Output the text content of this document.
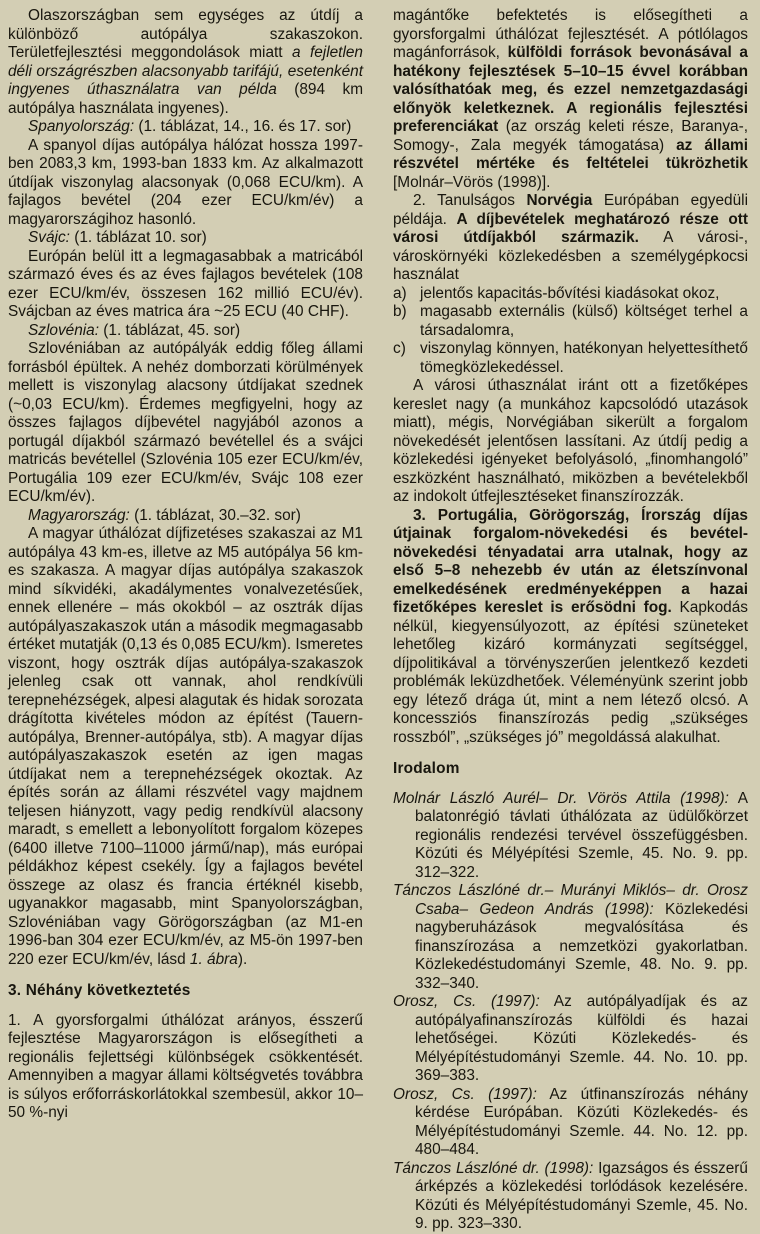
Olaszországban sem egységes az útdíj a különböző autópálya szakaszokon. Területfejlesztési meggondolások miatt a fejletlen déli országrészben alacsonyabb tarifájú, esetenként ingyenes úthasználatra van példa (894 km autópálya használata ingyenes).

Spanyolország: (1. táblázat, 14., 16. és 17. sor)

A spanyol díjas autópálya hálózat hossza 1997-ben 2083,3 km, 1993-ban 1833 km. Az alkalmazott útdíjak viszonylag alacsonyak (0,068 ECU/km). A fajlagos bevétel (204 ezer ECU/km/év) a magyarországihoz hasonló.

Svájc: (1. táblázat 10. sor)

Európán belül itt a legmagasabbak a matricából származó éves és az éves fajlagos bevételek (108 ezer ECU/km/év, összesen 162 millió ECU/év). Svájcban az éves matrica ára ~25 ECU (40 CHF).

Szlovénia: (1. táblázat, 45. sor)

Szlovéniában az autópályák eddig főleg állami forrásból épültek. A nehéz domborzati körülmények mellett is viszonylag alacsony útdíjakat szednek (~0,03 ECU/km). Érdemes megfigyelni, hogy az összes fajlagos díjbevétel nagyjából azonos a portugál díjakból származó bevétellel és a svájci matricás bevétellel (Szlovénia 105 ezer ECU/km/év, Portugália 109 ezer ECU/km/év, Svájc 108 ezer ECU/km/év).

Magyarország: (1. táblázat, 30.–32. sor)

A magyar úthálózat díjfizetéses szakaszai az M1 autópálya 43 km-es, illetve az M5 autópálya 56 km-es szakasza. A magyar díjas autópálya szakaszok mind síkvidéki, akadálymentes vonalvezetésűek, ennek ellenére – más okokból – az osztrák díjas autópályaszakaszok után a második megmagasabb értéket mutatják (0,13 és 0,085 ECU/km). Ismeretes viszont, hogy osztrák díjas autópálya-szakaszok jelenleg csak ott vannak, ahol rendkívüli terepnehézségek, alpesi alagutak és hidak sorozata drágította kivételes módon az építést (Tauern-autópálya, Brenner-autópálya, stb). A magyar díjas autópályaszakaszok esetén az igen magas útdíjakat nem a terepnehézségek okoztak. Az építés során az állami részvétel vagy majdnem teljesen hiányzott, vagy pedig rendkívül alacsony maradt, s emellett a lebonyolított forgalom közepes (6400 illetve 7100–11000 jármű/nap), más európai példákhoz képest csekély. Így a fajlagos bevétel összege az olasz és francia értéknél kisebb, ugyanakkor magasabb, mint Spanyolországban, Szlovéniában vagy Görögországban (az M1-en 1996-ban 304 ezer ECU/km/év, az M5-ön 1997-ben 220 ezer ECU/km/év, lásd 1. ábra).

3. Néhány következtetés

1. A gyorsforgalmi úthálózat arányos, ésszerű fejlesztése Magyarországon is elősegítheti a regionális fejlettségi különbségek csökkentését. Amennyiben a magyar állami költségvetés továbbra is súlyos erőforráskorlátokkal szembesül, akkor 10–50 %-nyi

magántőke befektetés is elősegítheti a gyorsforgalmi úthálózat fejlesztését. A pótlólagos magánforrások, külföldi források bevonásával a hatékony fejlesztések 5–10–15 évvel korábban valósíthatóak meg, és ezzel nemzetgazdasági előnyök keletkeznek. A regionális fejlesztési preferenciákat (az ország keleti része, Baranya-, Somogy-, Zala megyék támogatása) az állami részvétel mértéke és feltételei tükrözhetik [Molnár–Vörös (1998)].

2. Tanulságos Norvégia Európában egyedüli példája. A díjbevételek meghatározó része ott városi útdíjakból származik. A városi-, városkörnyéki közlekedésben a személygépkocsi használat

a) jelentős kapacitás-bővítési kiadásokat okoz,

b) magasabb externális (külső) költséget terhel a társadalomra,

c) viszonylag könnyen, hatékonyan helyettesíthető tömegközlekedéssel.

A városi úthasználat iránt ott a fizetőképes kereslet nagy (a munkához kapcsolódó utazások miatt), mégis, Norvégiában sikerült a forgalom növekedését jelentősen lassítani. Az útdíj pedig a közlekedési igényeket befolyásoló, „finomhangoló” eszközként használható, miközben a bevételekből az indokolt útfejlesztéseket finanszírozzák.

3. Portugália, Görögország, Írország díjas útjainak forgalom-növekedési és bevétel-növekedési tényadatai arra utalnak, hogy az első 5–8 nehezebb év után az életszínvonal emelkedésének eredményeképpen a hazai fizetőképes kereslet is erősödni fog. Kapkodás nélkül, kiegyensúlyozott, az építési szüneteket lehetőleg kizáró kormányzati segítséggel, díjpolitikával a törvényszerűen jelentkező kezdeti problémák leküzdhetőek. Véleményünk szerint jobb egy létező drága út, mint a nem létező olcsó. A koncessziós finanszírozás pedig „szükséges rosszból”, „szükséges jó” megoldássá alakulhat.

Irodalom

Molnár László Aurél– Dr. Vörös Attila (1998): A balatonrégió távlati úthálózata az üdülőkörzet regionális rendezési tervével összefüggésben. Közúti és Mélyépítési Szemle, 45. No. 9. pp. 312–322.

Tánczos Lászlóné dr.– Murányi Miklós– dr. Orosz Csaba– Gedeon András (1998): Közlekedési nagyberuházások megvalósítása és finanszírozása a nemzetközi gyakorlatban. Közlekedéstudományi Szemle, 48. No. 9. pp. 332–340.

Orosz, Cs. (1997): Az autópályadíjak és az autópályafinanszírozás külföldi és hazai lehetőségei. Közúti Közlekedés- és Mélyépítéstudományi Szemle. 44. No. 10. pp. 369–383.

Orosz, Cs. (1997): Az útfinanszírozás néhány kérdése Európában. Közúti Közlekedés- és Mélyépítéstudományi Szemle. 44. No. 12. pp. 480–484.

Tánczos Lászlóné dr. (1998): Igazságos és ésszerű árképzés a közlekedési torlódások kezelésére. Közúti és Mélyépítéstudományi Szemle, 45. No. 9. pp. 323–330.
